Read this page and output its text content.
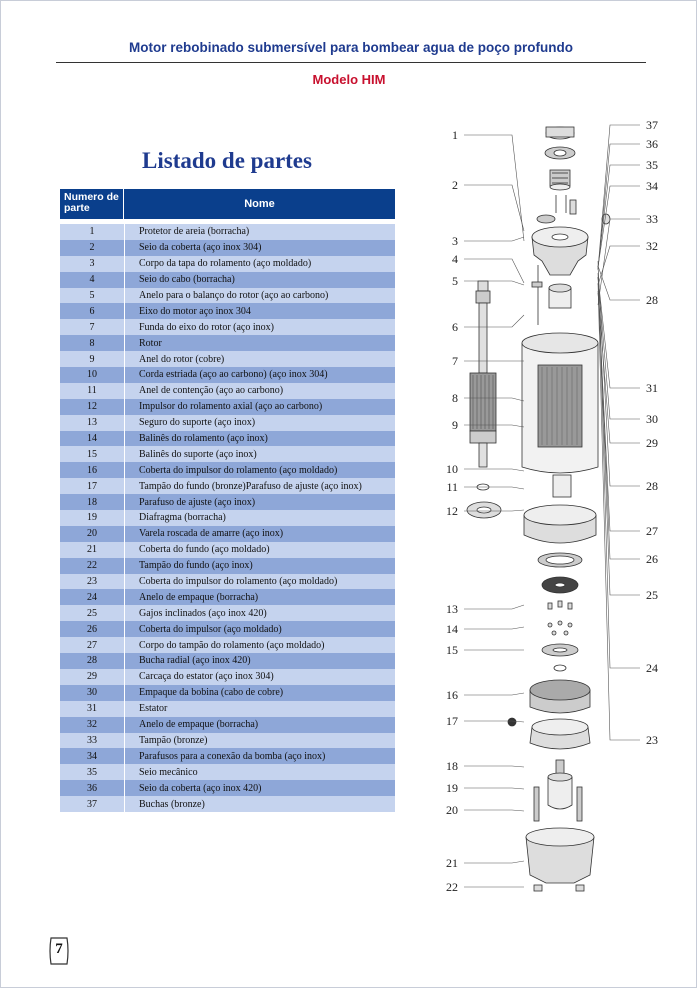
Motor rebobinado submersível para bombear agua de poço profundo
Modelo HIM
Listado de partes
Numero de parte	Nome
1	Protetor de areia (borracha)
2	Seio da coberta (aço inox 304)
3	Corpo da tapa do rolamento (aço moldado)
4	Seio do cabo (borracha)
5	Anelo para o balanço do rotor (aço ao carbono)
6	Eixo do motor aço inox 304
7	Funda do eixo do rotor (aço inox)
8	Rotor
9	Anel do rotor (cobre)
10	Corda estriada (aço ao carbono) (aço inox 304)
11	Anel de contenção (aço ao carbono)
12	Impulsor do rolamento axial (aço ao carbono)
13	Seguro do suporte (aço inox)
14	Balinês do rolamento (aço inox)
15	Balinês do suporte (aço inox)
16	Coberta do impulsor do rolamento (aço moldado)
17	Tampão do fundo (bronze)Parafuso de ajuste (aço inox)
18	Parafuso de ajuste (aço inox)
19	Diafragma (borracha)
20	Varela roscada de amarre (aço inox)
21	Coberta do fundo (aço moldado)
22	Tampão do fundo (aço inox)
23	Coberta do impulsor do rolamento (aço moldado)
24	Anelo de empaque (borracha)
25	Gajos inclinados (aço inox 420)
26	Coberta do impulsor (aço moldado)
27	Corpo do tampão do rolamento (aço moldado)
28	Bucha radial (aço inox 420)
29	Carcaça do estator (aço inox 304)
30	Empaque da bobina (cabo de cobre)
31	Estator
32	Anelo de empaque (borracha)
33	Tampão (bronze)
34	Parafusos para a conexão da bomba (aço inox)
35	Seio mecânico
36	Seio da coberta (aço inox 420)
37	Buchas (bronze)
1
2
3
4
5
6
7
8
9
10
11
12
13
14
15
16
17
18
19
20
21
22
37
36
35
34
33
32
28
31
30
29
28
27
26
25
24
23
7
